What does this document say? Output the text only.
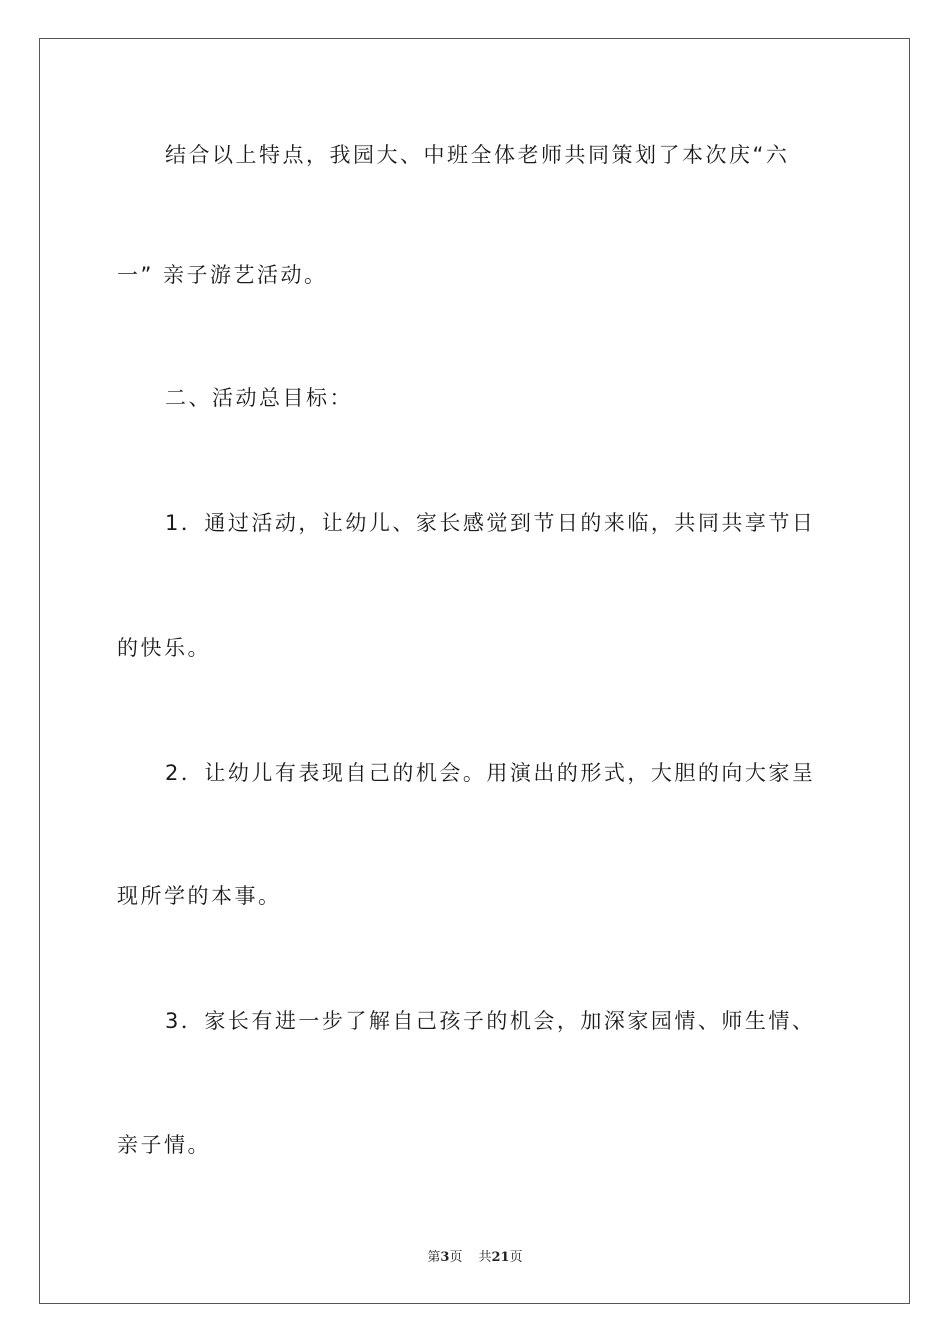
结合以上特点，我园大、中班全体老师共同策划了本次庆“六
一” 亲子游艺活动。
二、活动总目标：
1．通过活动，让幼儿、家长感觉到节日的来临，共同共享节日
的快乐。
2．让幼儿有表现自己的机会。用演出的形式，大胆的向大家呈
现所学的本事。
3．家长有进一步了解自己孩子的机会，加深家园情、师生情、
亲子情。
第3页 共21页
